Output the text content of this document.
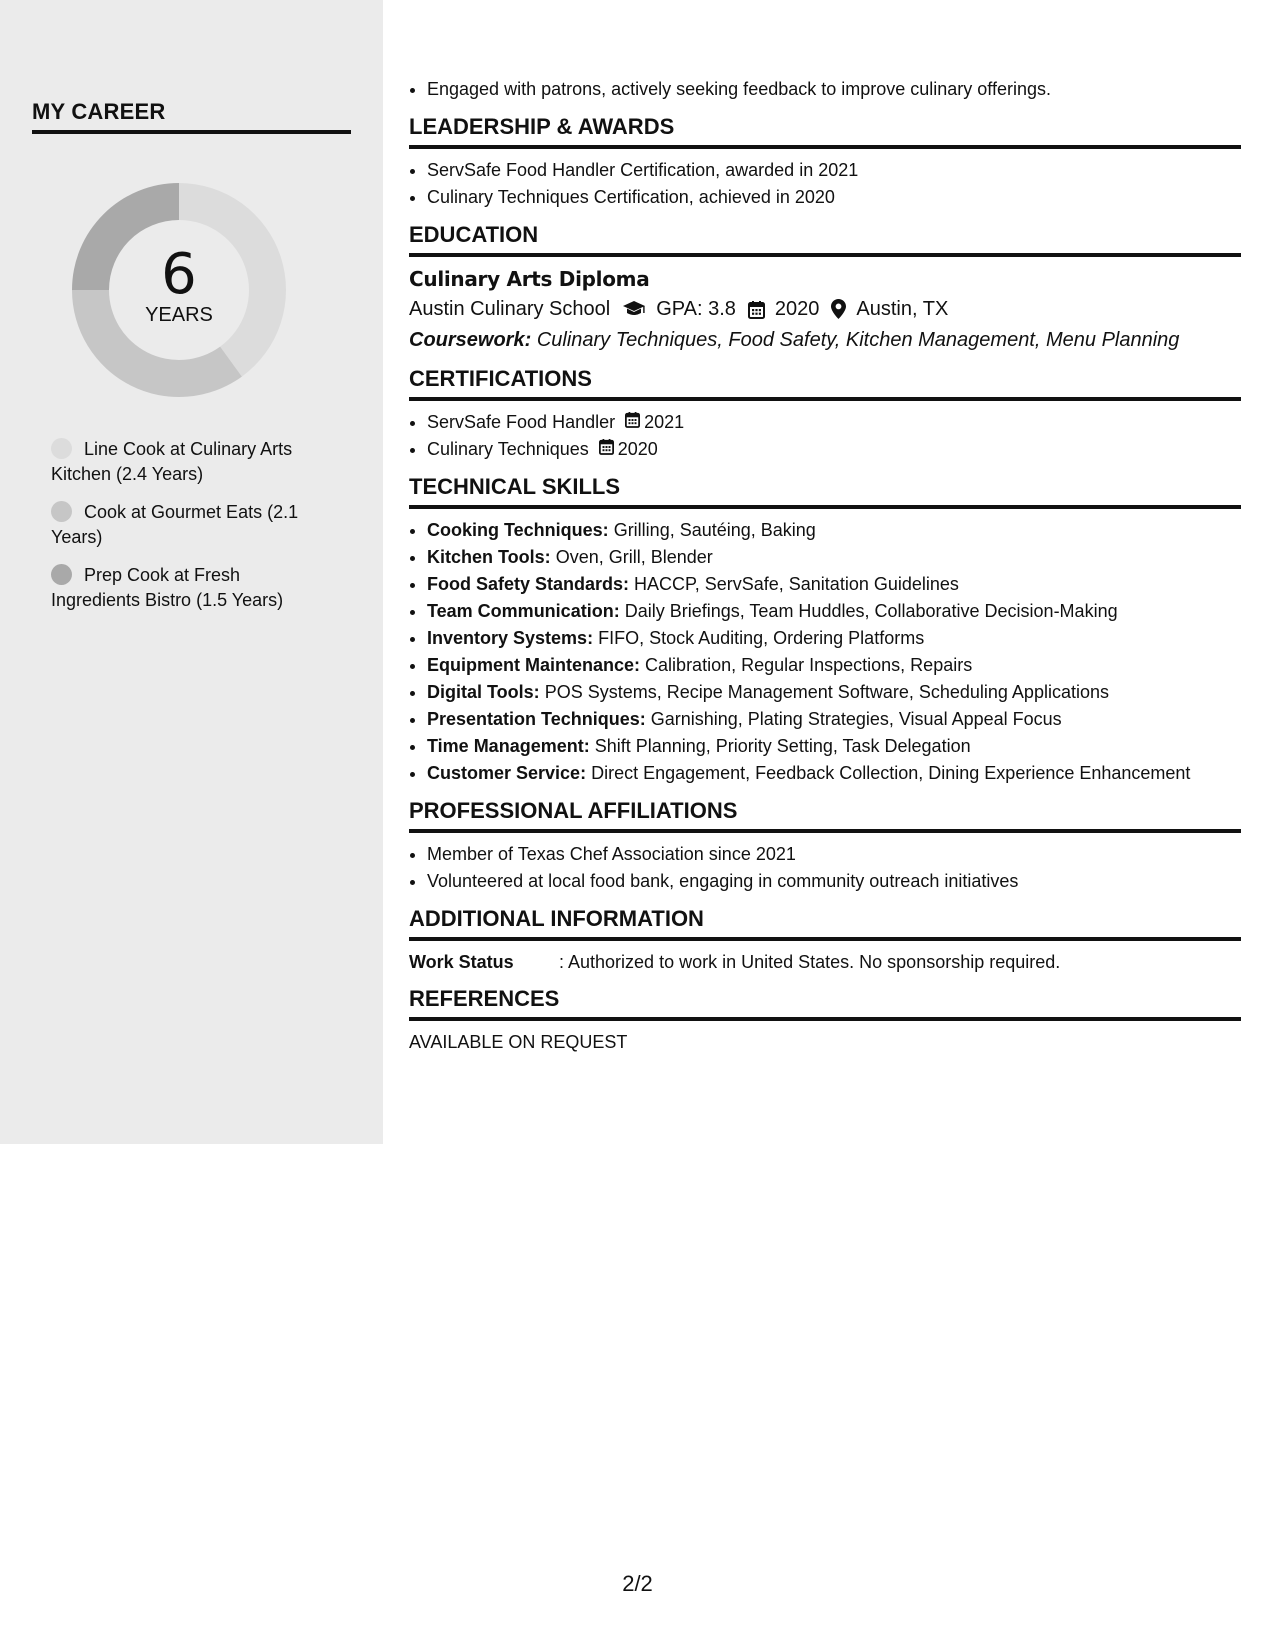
MY CAREER
6
YEARS
Line Cook at Culinary Arts Kitchen (2.4 Years)
Cook at Gourmet Eats (2.1 Years)
Prep Cook at Fresh Ingredients Bistro (1.5 Years)
• Engaged with patrons, actively seeking feedback to improve culinary offerings.
LEADERSHIP & AWARDS
• ServSafe Food Handler Certification, awarded in 2021
• Culinary Techniques Certification, achieved in 2020
EDUCATION
Culinary Arts Diploma
Austin Culinary School GPA: 3.8 2020 Austin, TX
Coursework: Culinary Techniques, Food Safety, Kitchen Management, Menu Planning
CERTIFICATIONS
• ServSafe Food Handler 2021
• Culinary Techniques 2020
TECHNICAL SKILLS
• Cooking Techniques: Grilling, Sautéing, Baking
• Kitchen Tools: Oven, Grill, Blender
• Food Safety Standards: HACCP, ServSafe, Sanitation Guidelines
• Team Communication: Daily Briefings, Team Huddles, Collaborative Decision-Making
• Inventory Systems: FIFO, Stock Auditing, Ordering Platforms
• Equipment Maintenance: Calibration, Regular Inspections, Repairs
• Digital Tools: POS Systems, Recipe Management Software, Scheduling Applications
• Presentation Techniques: Garnishing, Plating Strategies, Visual Appeal Focus
• Time Management: Shift Planning, Priority Setting, Task Delegation
• Customer Service: Direct Engagement, Feedback Collection, Dining Experience Enhancement
PROFESSIONAL AFFILIATIONS
• Member of Texas Chef Association since 2021
• Volunteered at local food bank, engaging in community outreach initiatives
ADDITIONAL INFORMATION
Work Status	: Authorized to work in United States. No sponsorship required.
REFERENCES
AVAILABLE ON REQUEST
2/2
